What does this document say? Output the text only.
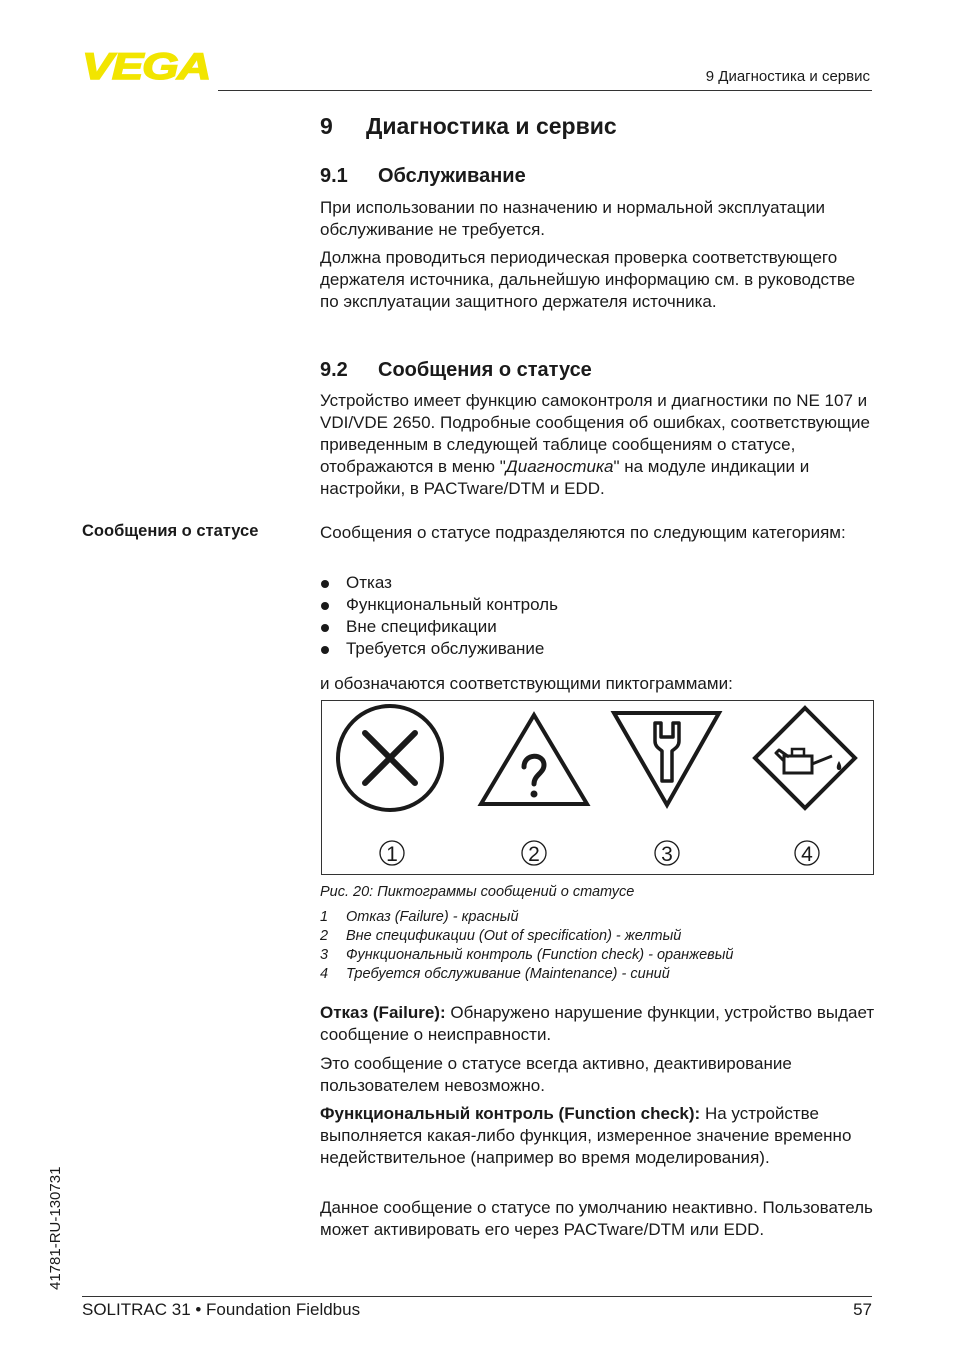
VEGA	9 Диагностика и сервис
9 Диагностика и сервис
9.1 Обслуживание
При использовании по назначению и нормальной эксплуатации обслуживание не требуется.
Должна проводиться периодическая проверка соответствующего держателя источника, дальнейшую информацию см. в руководстве по эксплуатации защитного держателя источника.
9.2 Сообщения о статусе
Устройство имеет функцию самоконтроля и диагностики по NE 107 и VDI/VDE 2650. Подробные сообщения об ошибках, соответствующие приведенным в следующей таблице сообщениям о статусе, отображаются в меню "Диагностика" на модуле индикации и настройки, в PACTware/DTM и EDD.
Сообщения о статусе	Сообщения о статусе подразделяются по следующим категориям:
Отказ
Функциональный контроль
Вне спецификации
Требуется обслуживание
и обозначаются соответствующими пиктограммами:
1	2	3	4
Рис. 20: Пиктограммы сообщений о статусе
1 Отказ (Failure) - красный
2 Вне спецификации (Out of specification) - желтый
3 Функциональный контроль (Function check) - оранжевый
4 Требуется обслуживание (Maintenance) - синий
Отказ (Failure): Обнаружено нарушение функции, устройство выдает сообщение о неисправности.
Это сообщение о статусе всегда активно, деактивирование пользователем невозможно.
Функциональный контроль (Function check): На устройстве выполняется какая-либо функция, измеренное значение временно недействительное (например во время моделирования).
Данное сообщение о статусе по умолчанию неактивно. Пользователь может активировать его через PACTware/DTM или EDD.
41781-RU-130731
SOLITRAC 31 • Foundation Fieldbus	57
